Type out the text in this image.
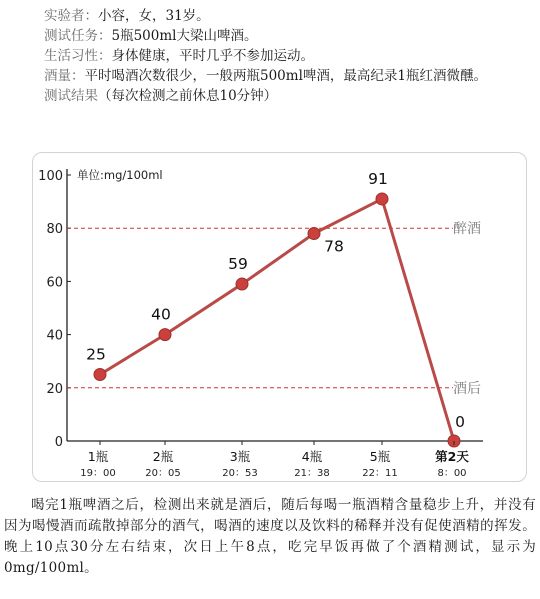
实验者：小容，女，31岁。
测试任务：5瓶500ml大梁山啤酒。
生活习性：身体健康，平时几乎不参加运动。
酒量：平时喝酒次数很少，一般两瓶500ml啤酒，最高纪录1瓶红酒微醺。
测试结果（每次检测之前休息10分钟）
0
20
40
60
80
100 单位:mg/100ml
醉酒
酒后
25
40
59
78
91
0
1瓶
19：00
2瓶
20：05
3瓶
20：53
4瓶
21：38
5瓶
22：11
第2天
8：00
喝完1瓶啤酒之后，检测出来就是酒后，随后每喝一瓶酒精含量稳步上升，并没有因为喝慢酒而疏散掉部分的酒气，喝酒的速度以及饮料的稀释并没有促使酒精的挥发。晚上10点30分左右结束，次日上午8点，吃完早饭再做了个酒精测试，显示为0mg/100ml。
